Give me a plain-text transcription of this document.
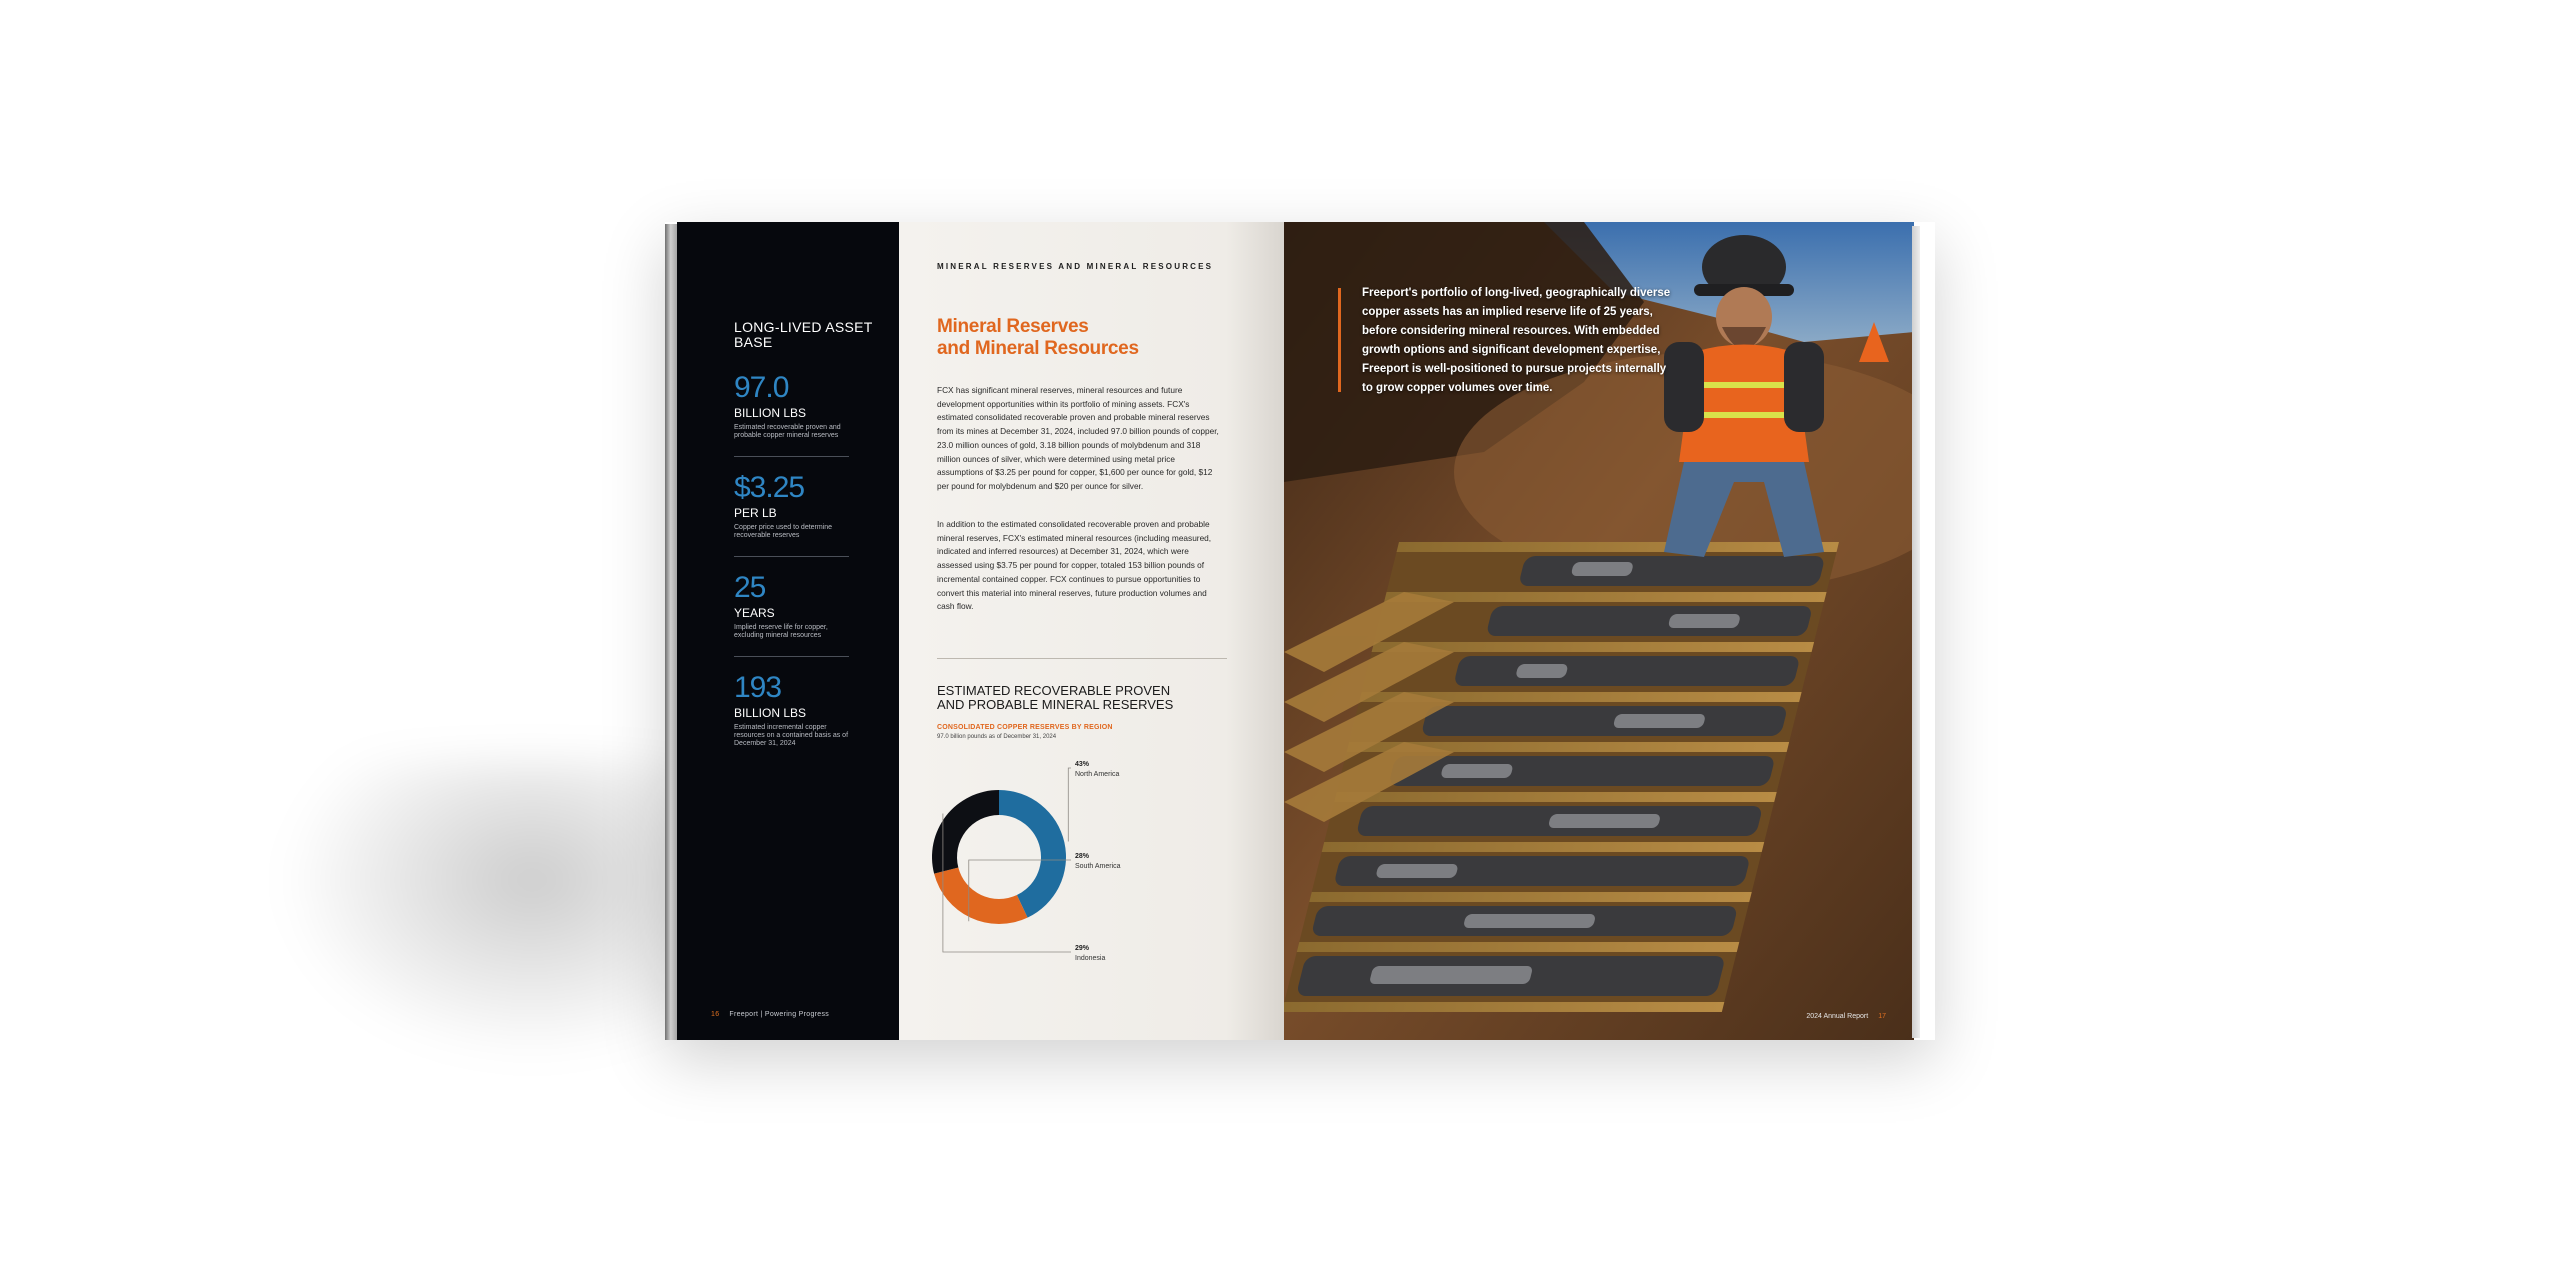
LONG-LIVED ASSET BASE
97.0
BILLION LBS
Estimated recoverable proven and probable copper mineral reserves
$3.25
PER LB
Copper price used to determine recoverable reserves
25
YEARS
Implied reserve life for copper, excluding mineral resources
193
BILLION LBS
Estimated incremental copper resources on a contained basis as of December 31, 2024
16 Freeport | Powering Progress
MINERAL RESERVES AND MINERAL RESOURCES
Mineral Reserves
and Mineral Resources
FCX has significant mineral reserves, mineral resources and future development opportunities within its portfolio of mining assets. FCX's estimated consolidated recoverable proven and probable mineral reserves from its mines at December 31, 2024, included 97.0 billion pounds of copper, 23.0 million ounces of gold, 3.18 billion pounds of molybdenum and 318 million ounces of silver, which were determined using metal price assumptions of $3.25 per pound for copper, $1,600 per ounce for gold, $12 per pound for molybdenum and $20 per ounce for silver.
In addition to the estimated consolidated recoverable proven and probable mineral reserves, FCX's estimated mineral resources (including measured, indicated and inferred resources) at December 31, 2024, which were assessed using $3.75 per pound for copper, totaled 153 billion pounds of incremental contained copper. FCX continues to pursue opportunities to convert this material into mineral reserves, future production volumes and cash flow.
ESTIMATED RECOVERABLE PROVEN AND PROBABLE MINERAL RESERVES
CONSOLIDATED COPPER RESERVES BY REGION
97.0 billion pounds as of December 31, 2024
43%
North America
28%
South America
29%
Indonesia
Freeport's portfolio of long-lived, geographically diverse copper assets has an implied reserve life of 25 years, before considering mineral resources. With embedded growth options and significant development expertise, Freeport is well-positioned to pursue projects internally to grow copper volumes over time.
2024 Annual Report 17
